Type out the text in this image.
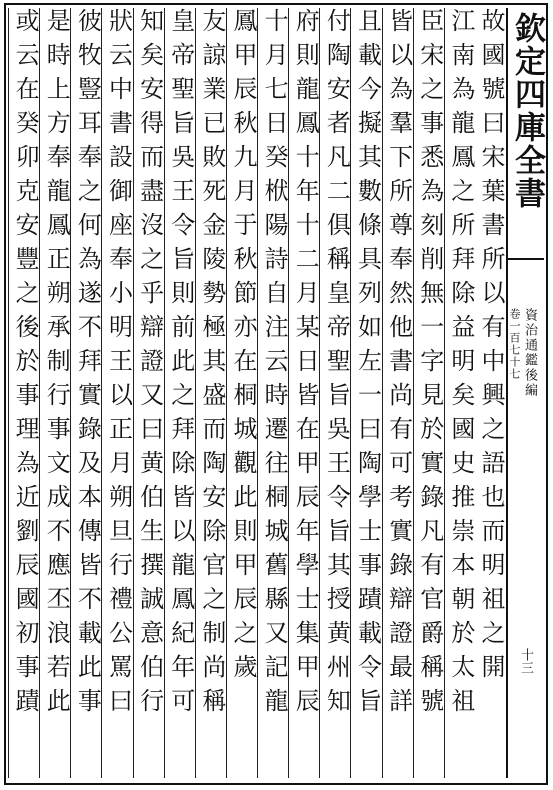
故國號曰宋葉書所以有中興之語也而明祖之開
江南為龍鳳之所拜除益明矣國史推崇本朝於太祖
臣宋之事悉為刻削無一字見於實錄凡有官爵稱號
皆以為羣下所尊奉然他書尚有可考實錄辯證最詳
且載今擬其數條具列如左一曰陶學士事蹟載令旨
付陶安者凡二俱稱皇帝聖旨吳王令旨其授黄州知
府則龍鳳十年十二月某日皆在甲辰年學士集甲辰
十月七日癸栿陽詩自注云時遷往桐城舊縣又記龍
鳳甲辰秋九月于秋節亦在桐城觀此則甲辰之歲
友諒業已敗死金陵勢極其盛而陶安除官之制尚稱
皇帝聖旨吳王令旨則前此之拜除皆以龍鳳紀年可
知矣安得而盡沒之乎辯證又曰黄伯生撰誠意伯行
狀云中書設御座奉小明王以正月朔旦行禮公罵曰
彼牧豎耳奉之何為遂不拜實錄及本傳皆不載此事
是時上方奉龍鳳正朔承制行事文成不應丕浪若此
或云在癸卯克安豐之後於事理為近劉辰國初事蹟	欽定四庫全書
資治通鑑後編
卷一百七十七
十三
